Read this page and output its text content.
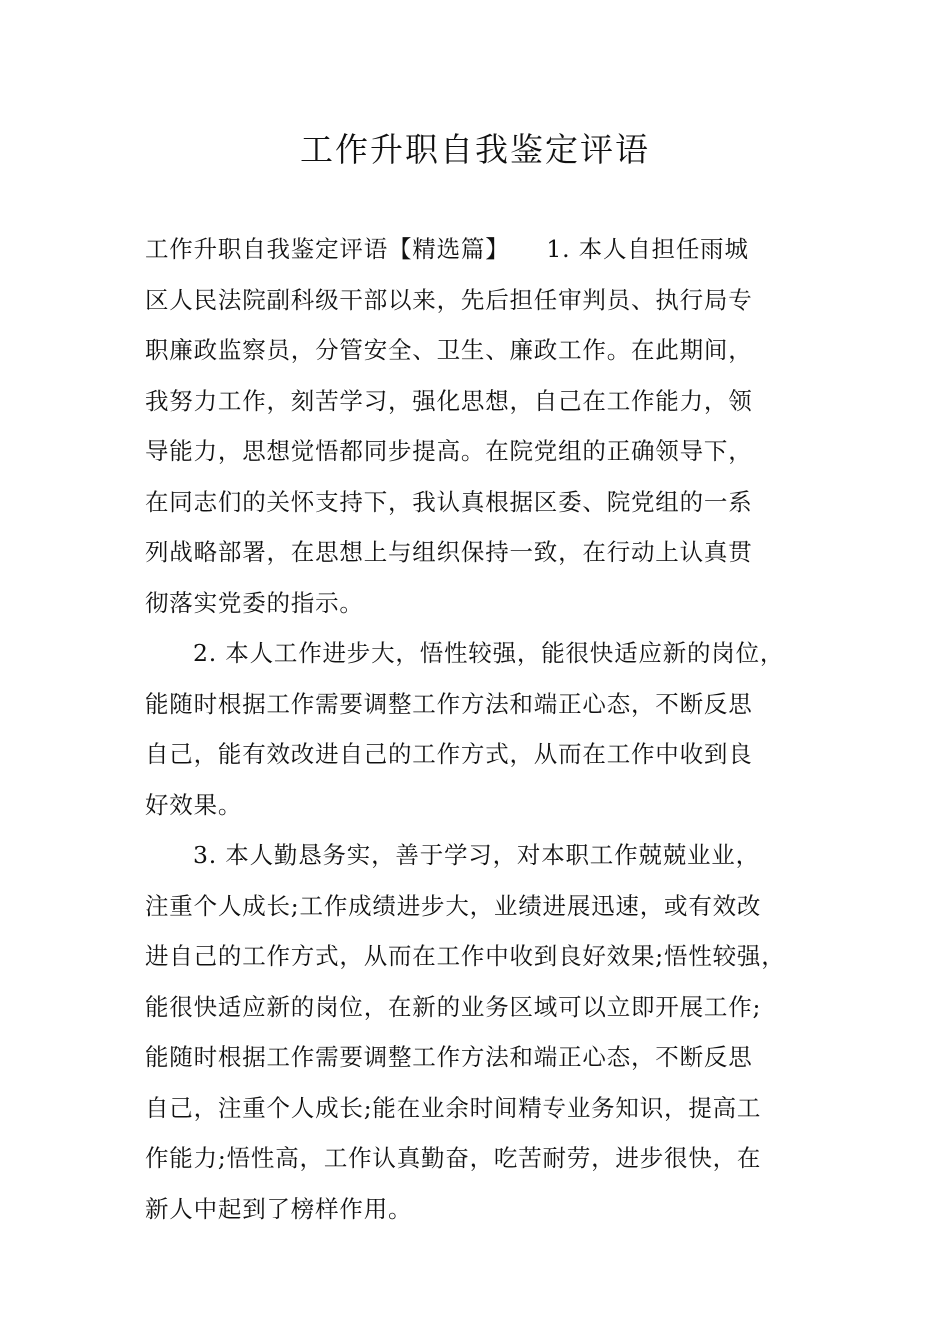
工作升职自我鉴定评语
工作升职自我鉴定评语【精选篇】　　1. 本人自担任雨城
区人民法院副科级干部以来，先后担任审判员、执行局专
职廉政监察员，分管安全、卫生、廉政工作。在此期间，
我努力工作，刻苦学习，强化思想，自己在工作能力，领
导能力，思想觉悟都同步提高。在院党组的正确领导下，
在同志们的关怀支持下，我认真根据区委、院党组的一系
列战略部署，在思想上与组织保持一致，在行动上认真贯
彻落实党委的指示。
2. 本人工作进步大，悟性较强，能很快适应新的岗位，
能随时根据工作需要调整工作方法和端正心态，不断反思
自己，能有效改进自己的工作方式，从而在工作中收到良
好效果。
3. 本人勤恳务实，善于学习，对本职工作兢兢业业，
注重个人成长;工作成绩进步大，业绩进展迅速，或有效改
进自己的工作方式，从而在工作中收到良好效果;悟性较强，
能很快适应新的岗位，在新的业务区域可以立即开展工作;
能随时根据工作需要调整工作方法和端正心态，不断反思
自己，注重个人成长;能在业余时间精专业务知识，提高工
作能力;悟性高，工作认真勤奋，吃苦耐劳，进步很快，在
新人中起到了榜样作用。
